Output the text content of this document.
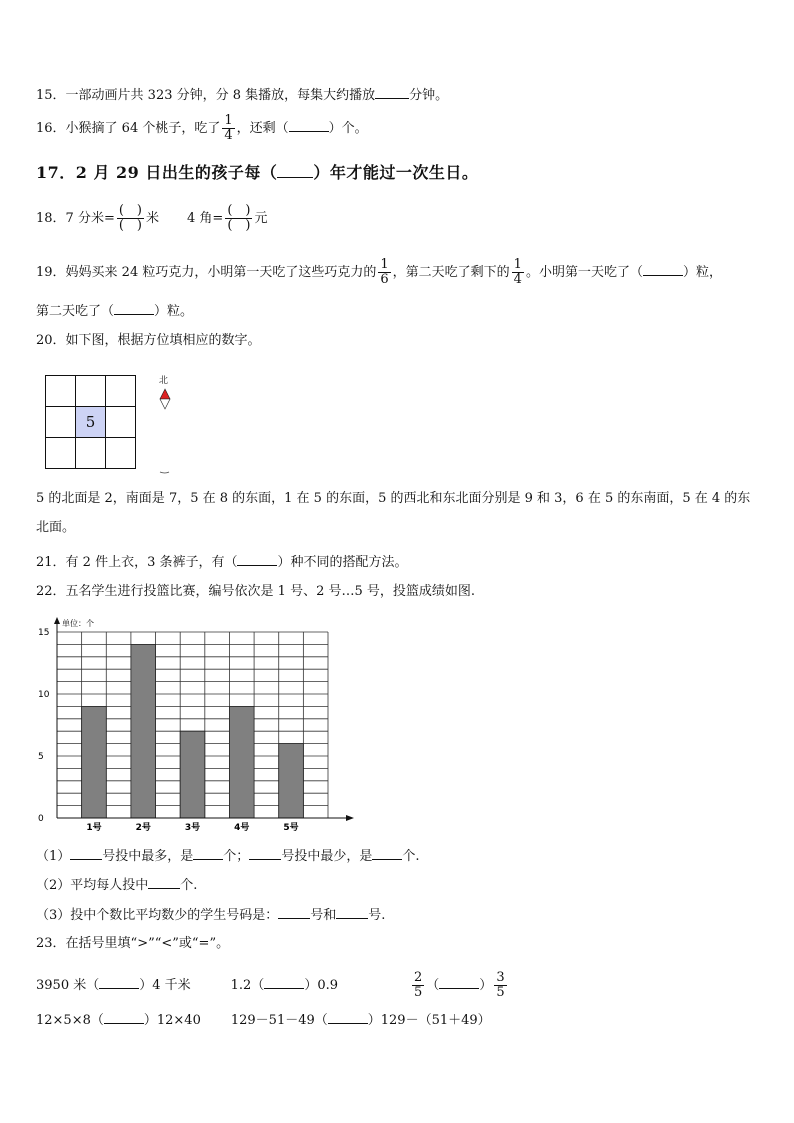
15．一部动画片共 323 分钟，分 8 集播放，每集大约播放	分钟。
16．小猴摘了 64 个桃子，吃了 $\frac{1}{4}$ ，还剩（	）个。
17．2 月 29 日出生的孩子每（ ）年才能过一次生日。
18．7 分米= $\frac{( )}{( )}$ 米 4 角= $\frac{( )}{( )}$ 元
19．妈妈买来 24 粒巧克力，小明第一天吃了这些巧克力的 $\frac{1}{6}$ ，第二天吃了剩下的 $\frac{1}{4}$ 。小明第一天吃了（	）粒，
第二天吃了（	）粒。
20．如下图，根据方位填相应的数字。

	5	

北
5 的北面是 2，南面是 7，5 在 8 的东面，1 在 5 的东面，5 的西北和东北面分别是 9 和 3，6 在 5 的东南面，5 在 4 的东
北面。
21．有 2 件上衣，3 条裤子，有（	）种不同的搭配方法。
22．五名学生进行投篮比赛，编号依次是 1 号、2 号…5 号，投篮成绩如图.
1号	2号	3号	4号	5号
0
5
10
15
单位：个
（1） 号投中最多，是 个； 号投中最少，是 个.
（2）平均每人投中 个.
（3）投中个数比平均数少的学生号码是： 号和 号.
23．在括号里填“>”“<”或“=”。
3950 米（	）4 千米	1.2（	）0.9	$\frac{2}{5}$ （	） $\frac{3}{5}$
12×5×8（	）12×40 129－51－49（	）129－（51＋49）
